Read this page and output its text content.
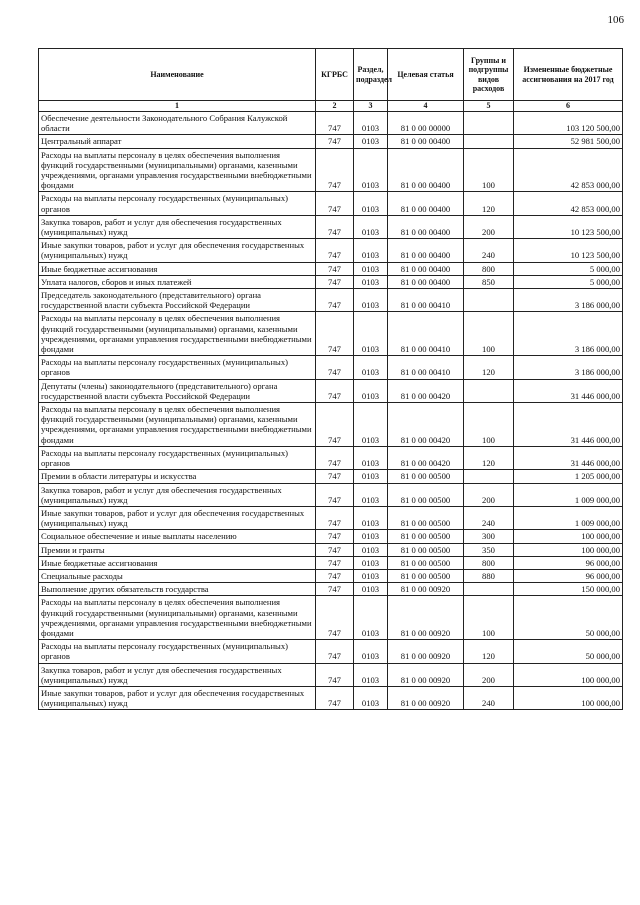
106
Наименование	КГРБС	Раздел, подраздел	Целевая статья	Группы и подгруппы видов расходов	Измененные бюджетные ассигнования на 2017 год
1	2	3	4	5	6
Обеспечение деятельности Законодательного Собрания Калужской области	747	0103	81 0 00 00000		103 120 500,00
Центральный аппарат	747	0103	81 0 00 00400		52 981 500,00
Расходы на выплаты персоналу в целях обеспечения выполнения функций государственными (муниципальными) органами, казенными учреждениями, органами управления государственными внебюджетными фондами	747	0103	81 0 00 00400	100	42 853 000,00
Расходы на выплаты персоналу государственных (муниципальных) органов	747	0103	81 0 00 00400	120	42 853 000,00
Закупка товаров, работ и услуг для обеспечения государственных (муниципальных) нужд	747	0103	81 0 00 00400	200	10 123 500,00
Иные закупки товаров, работ и услуг для обеспечения государственных (муниципальных) нужд	747	0103	81 0 00 00400	240	10 123 500,00
Иные бюджетные ассигнования	747	0103	81 0 00 00400	800	5 000,00
Уплата налогов, сборов и иных платежей	747	0103	81 0 00 00400	850	5 000,00
Председатель законодательного (представительного) органа государственной власти субъекта Российской Федерации	747	0103	81 0 00 00410		3 186 000,00
Расходы на выплаты персоналу в целях обеспечения выполнения функций государственными (муниципальными) органами, казенными учреждениями, органами управления государственными внебюджетными фондами	747	0103	81 0 00 00410	100	3 186 000,00
Расходы на выплаты персоналу государственных (муниципальных) органов	747	0103	81 0 00 00410	120	3 186 000,00
Депутаты (члены) законодательного (представительного) органа государственной власти субъекта Российской Федерации	747	0103	81 0 00 00420		31 446 000,00
Расходы на выплаты персоналу в целях обеспечения выполнения функций государственными (муниципальными) органами, казенными учреждениями, органами управления государственными внебюджетными фондами	747	0103	81 0 00 00420	100	31 446 000,00
Расходы на выплаты персоналу государственных (муниципальных) органов	747	0103	81 0 00 00420	120	31 446 000,00
Премии в области литературы и искусства	747	0103	81 0 00 00500		1 205 000,00
Закупка товаров, работ и услуг для обеспечения государственных (муниципальных) нужд	747	0103	81 0 00 00500	200	1 009 000,00
Иные закупки товаров, работ и услуг для обеспечения государственных (муниципальных) нужд	747	0103	81 0 00 00500	240	1 009 000,00
Социальное обеспечение и иные выплаты населению	747	0103	81 0 00 00500	300	100 000,00
Премии и гранты	747	0103	81 0 00 00500	350	100 000,00
Иные бюджетные ассигнования	747	0103	81 0 00 00500	800	96 000,00
Специальные расходы	747	0103	81 0 00 00500	880	96 000,00
Выполнение других обязательств государства	747	0103	81 0 00 00920		150 000,00
Расходы на выплаты персоналу в целях обеспечения выполнения функций государственными (муниципальными) органами, казенными учреждениями, органами управления государственными внебюджетными фондами	747	0103	81 0 00 00920	100	50 000,00
Расходы на выплаты персоналу государственных (муниципальных) органов	747	0103	81 0 00 00920	120	50 000,00
Закупка товаров, работ и услуг для обеспечения государственных (муниципальных) нужд	747	0103	81 0 00 00920	200	100 000,00
Иные закупки товаров, работ и услуг для обеспечения государственных (муниципальных) нужд	747	0103	81 0 00 00920	240	100 000,00
